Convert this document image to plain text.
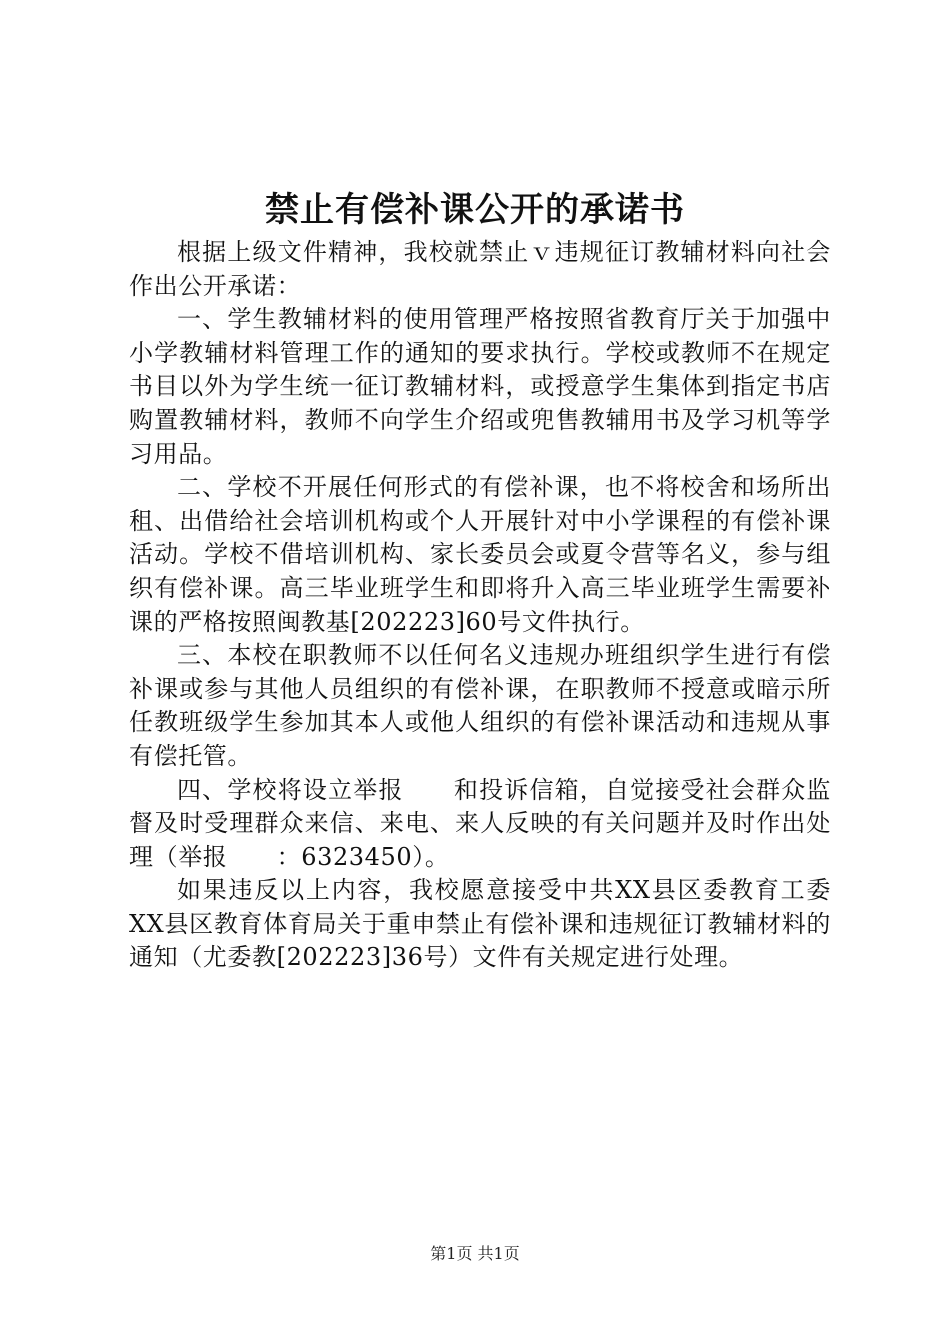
禁止有偿补课公开的承诺书

根据上级文件精神，我校就禁止ｖ违规征订教辅材料向社会作出公开承诺：

一、学生教辅材料的使用管理严格按照省教育厅关于加强中小学教辅材料管理工作的通知的要求执行。学校或教师不在规定书目以外为学生统一征订教辅材料，或授意学生集体到指定书店购置教辅材料，教师不向学生介绍或兜售教辅用书及学习机等学习用品。

二、学校不开展任何形式的有偿补课，也不将校舍和场所出租、出借给社会培训机构或个人开展针对中小学课程的有偿补课活动。学校不借培训机构、家长委员会或夏令营等名义，参与组织有偿补课。高三毕业班学生和即将升入高三毕业班学生需要补课的严格按照闽教基[202223]60号文件执行。

三、本校在职教师不以任何名义违规办班组织学生进行有偿补课或参与其他人员组织的有偿补课，在职教师不授意或暗示所任教班级学生参加其本人或他人组织的有偿补课活动和违规从事有偿托管。

四、学校将设立举报　　和投诉信箱，自觉接受社会群众监督及时受理群众来信、来电、来人反映的有关问题并及时作出处理（举报　　：6323450）。

如果违反以上内容，我校愿意接受中共XX县区委教育工委XX县区教育体育局关于重申禁止有偿补课和违规征订教辅材料的通知（尤委教[202223]36号）文件有关规定进行处理。

第1页 共1页
